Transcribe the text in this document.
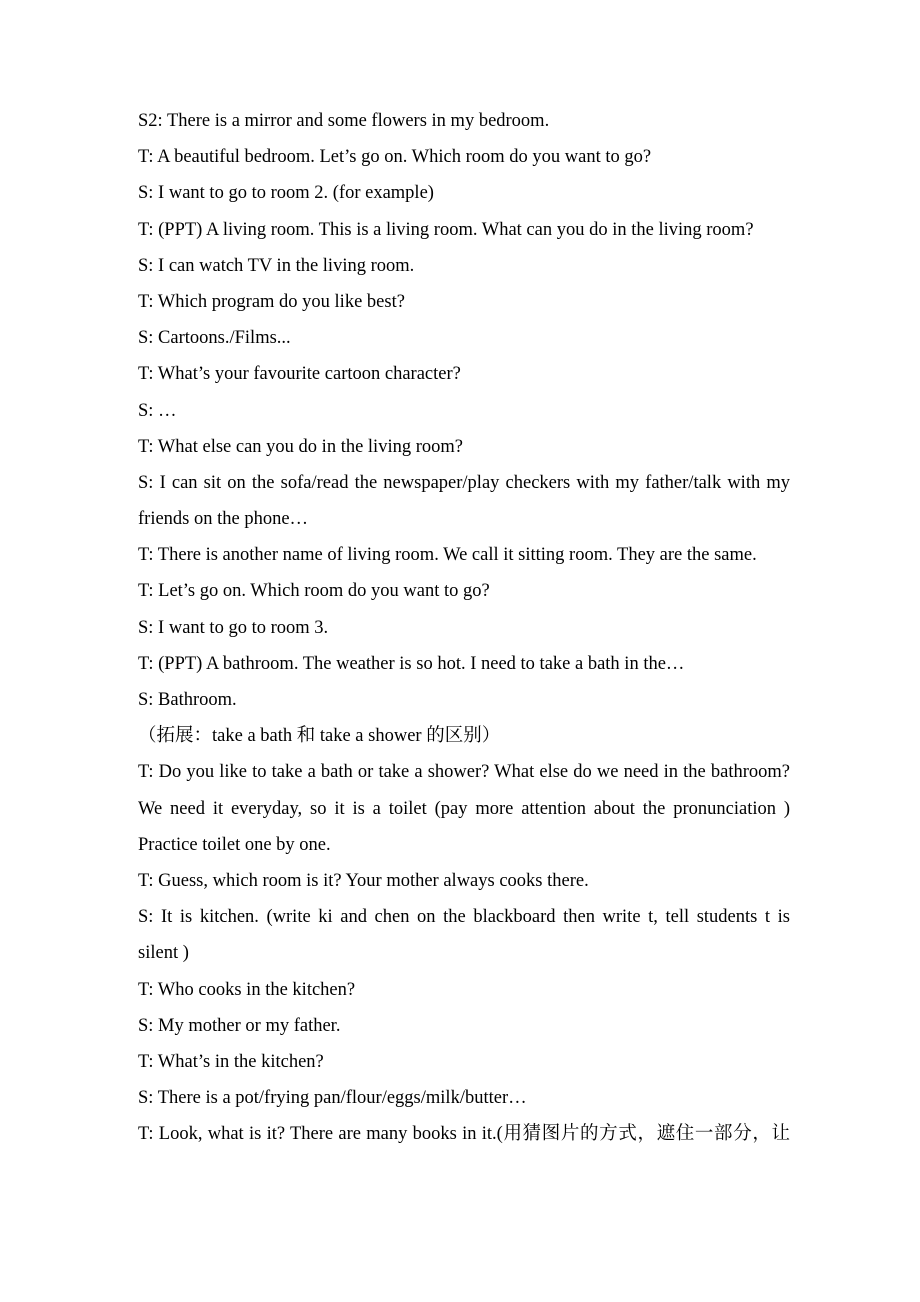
S2: There is a mirror and some flowers in my bedroom.
T: A beautiful bedroom. Let’s go on. Which room do you want to go?
S: I want to go to room 2. (for example)
T: (PPT) A living room. This is a living room. What can you do in the living room?
S: I can watch TV in the living room.
T: Which program do you like best?
S: Cartoons./Films...
T: What’s your favourite cartoon character?
S: …
T: What else can you do in the living room?
S: I can sit on the sofa/read the newspaper/play checkers with my father/talk with my
friends on the phone…
T: There is another name of living room. We call it sitting room. They are the same.
T: Let’s go on. Which room do you want to go?
S: I want to go to room 3.
T: (PPT) A bathroom. The weather is so hot. I need to take a bath in the…
S: Bathroom.
（拓展：take a bath 和 take a shower 的区别）
T: Do you like to take a bath or take a shower? What else do we need in the bathroom?
We need it everyday, so it is a toilet (pay more attention about the pronunciation )
Practice toilet one by one.
T: Guess, which room is it? Your mother always cooks there.
S: It is kitchen. (write ki and chen on the blackboard then write t, tell students t is
silent )
T: Who cooks in the kitchen?
S: My mother or my father.
T: What’s in the kitchen?
S: There is a pot/frying pan/flour/eggs/milk/butter…
T: Look, what is it? There are many books in it.(用猜图片的方式，遮住一部分，让
